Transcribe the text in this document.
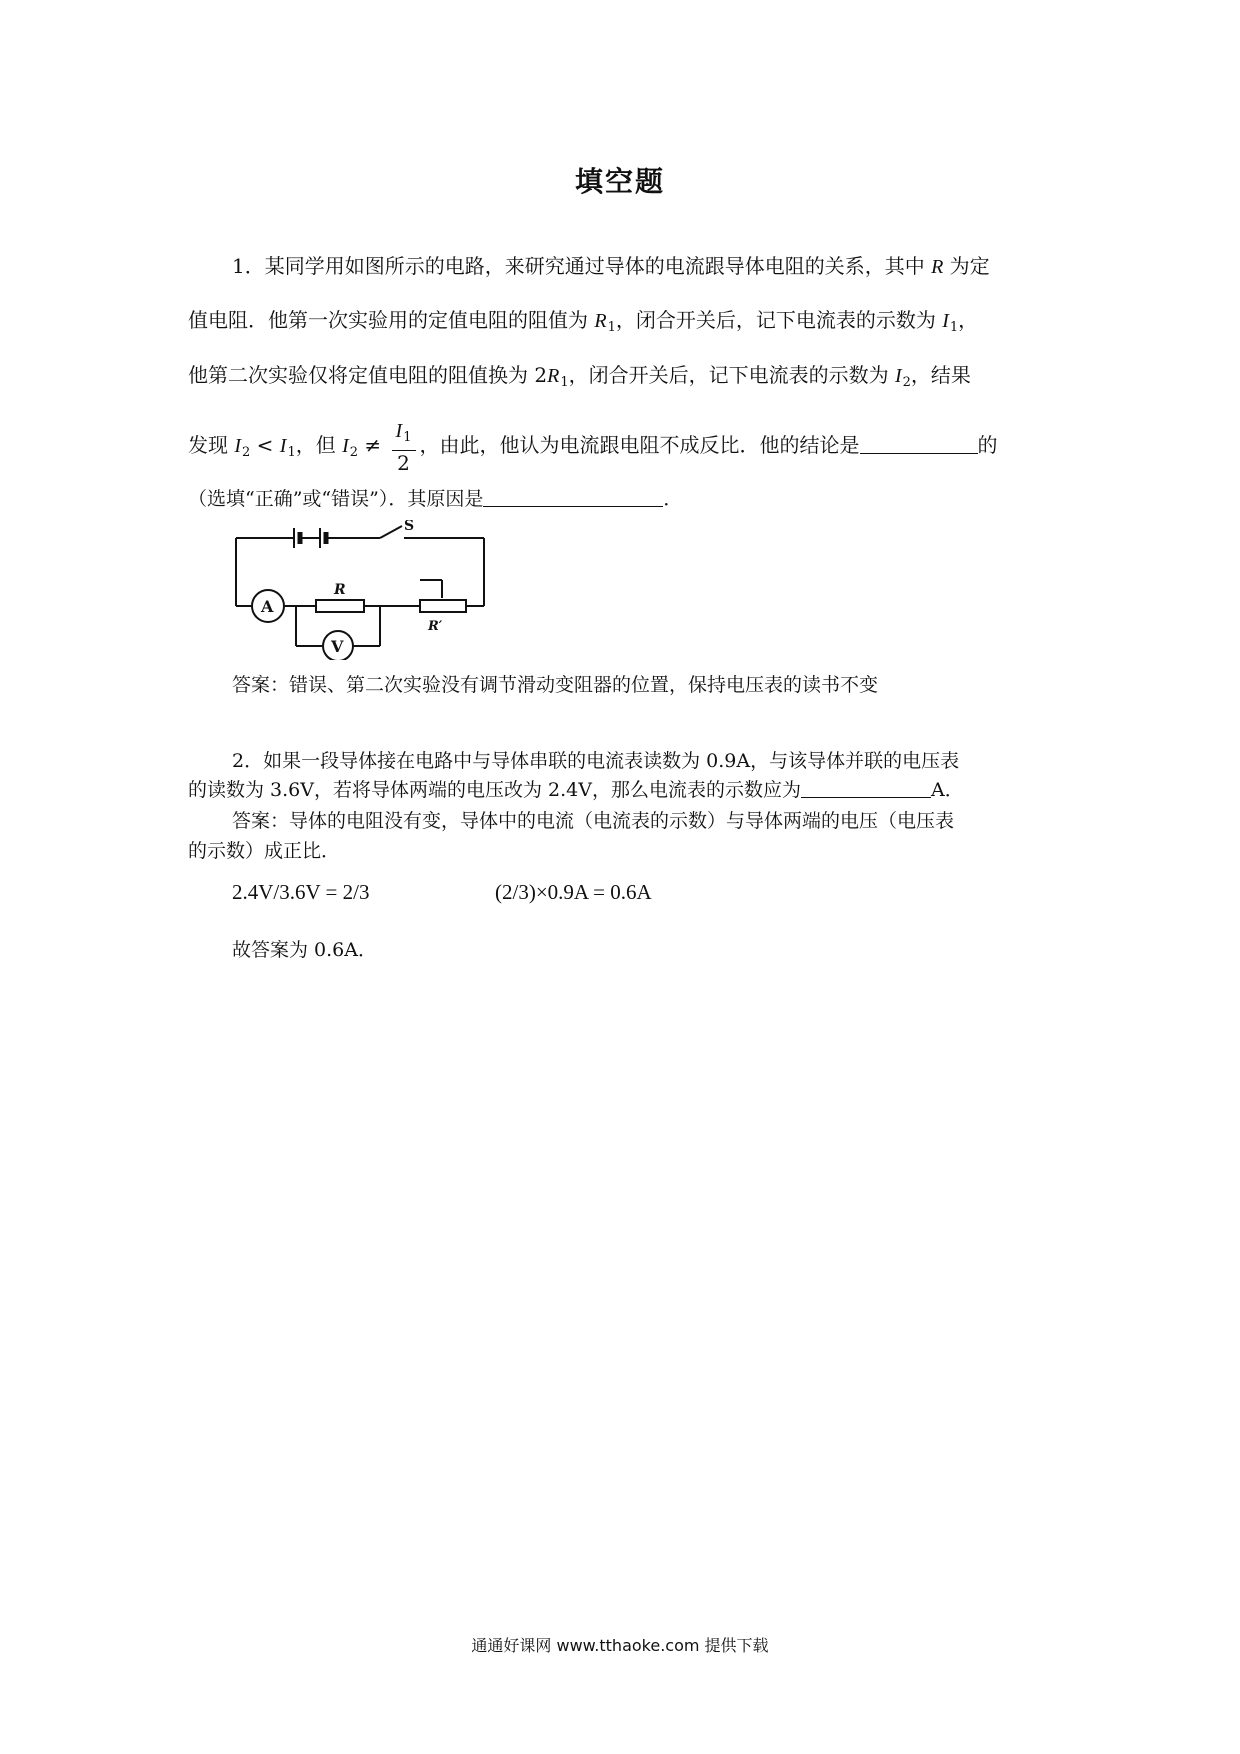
填空题
1．某同学用如图所示的电路，来研究通过导体的电流跟导体电阻的关系，其中 R 为定
值电阻．他第一次实验用的定值电阻的阻值为 $R_1$，闭合开关后，记下电流表的示数为 $I_1$，
他第二次实验仅将定值电阻的阻值换为 $2R_1$，闭合开关后，记下电流表的示数为 $I_2$，结果
发现 $I_2 < I_1$，但 $I_2 \ne \frac{I_1}{2}$ ，由此，他认为电流跟电阻不成反比．他的结论是	的
（选填“正确”或“错误”）．其原因是	．
S
R
R′
A
V
答案：错误、第二次实验没有调节滑动变阻器的位置，保持电压表的读书不变
2．如果一段导体接在电路中与导体串联的电流表读数为 0.9A，与该导体并联的电压表
的读数为 3.6V，若将导体两端的电压改为 2.4V，那么电流表的示数应为	A．
答案：导体的电阻没有变，导体中的电流（电流表的示数）与导体两端的电压（电压表
的示数）成正比．
2.4V/3.6V = 2/3	(2/3)×0.9A = 0.6A
故答案为 0.6A．
通通好课网 www.tthaoke.com 提供下载
